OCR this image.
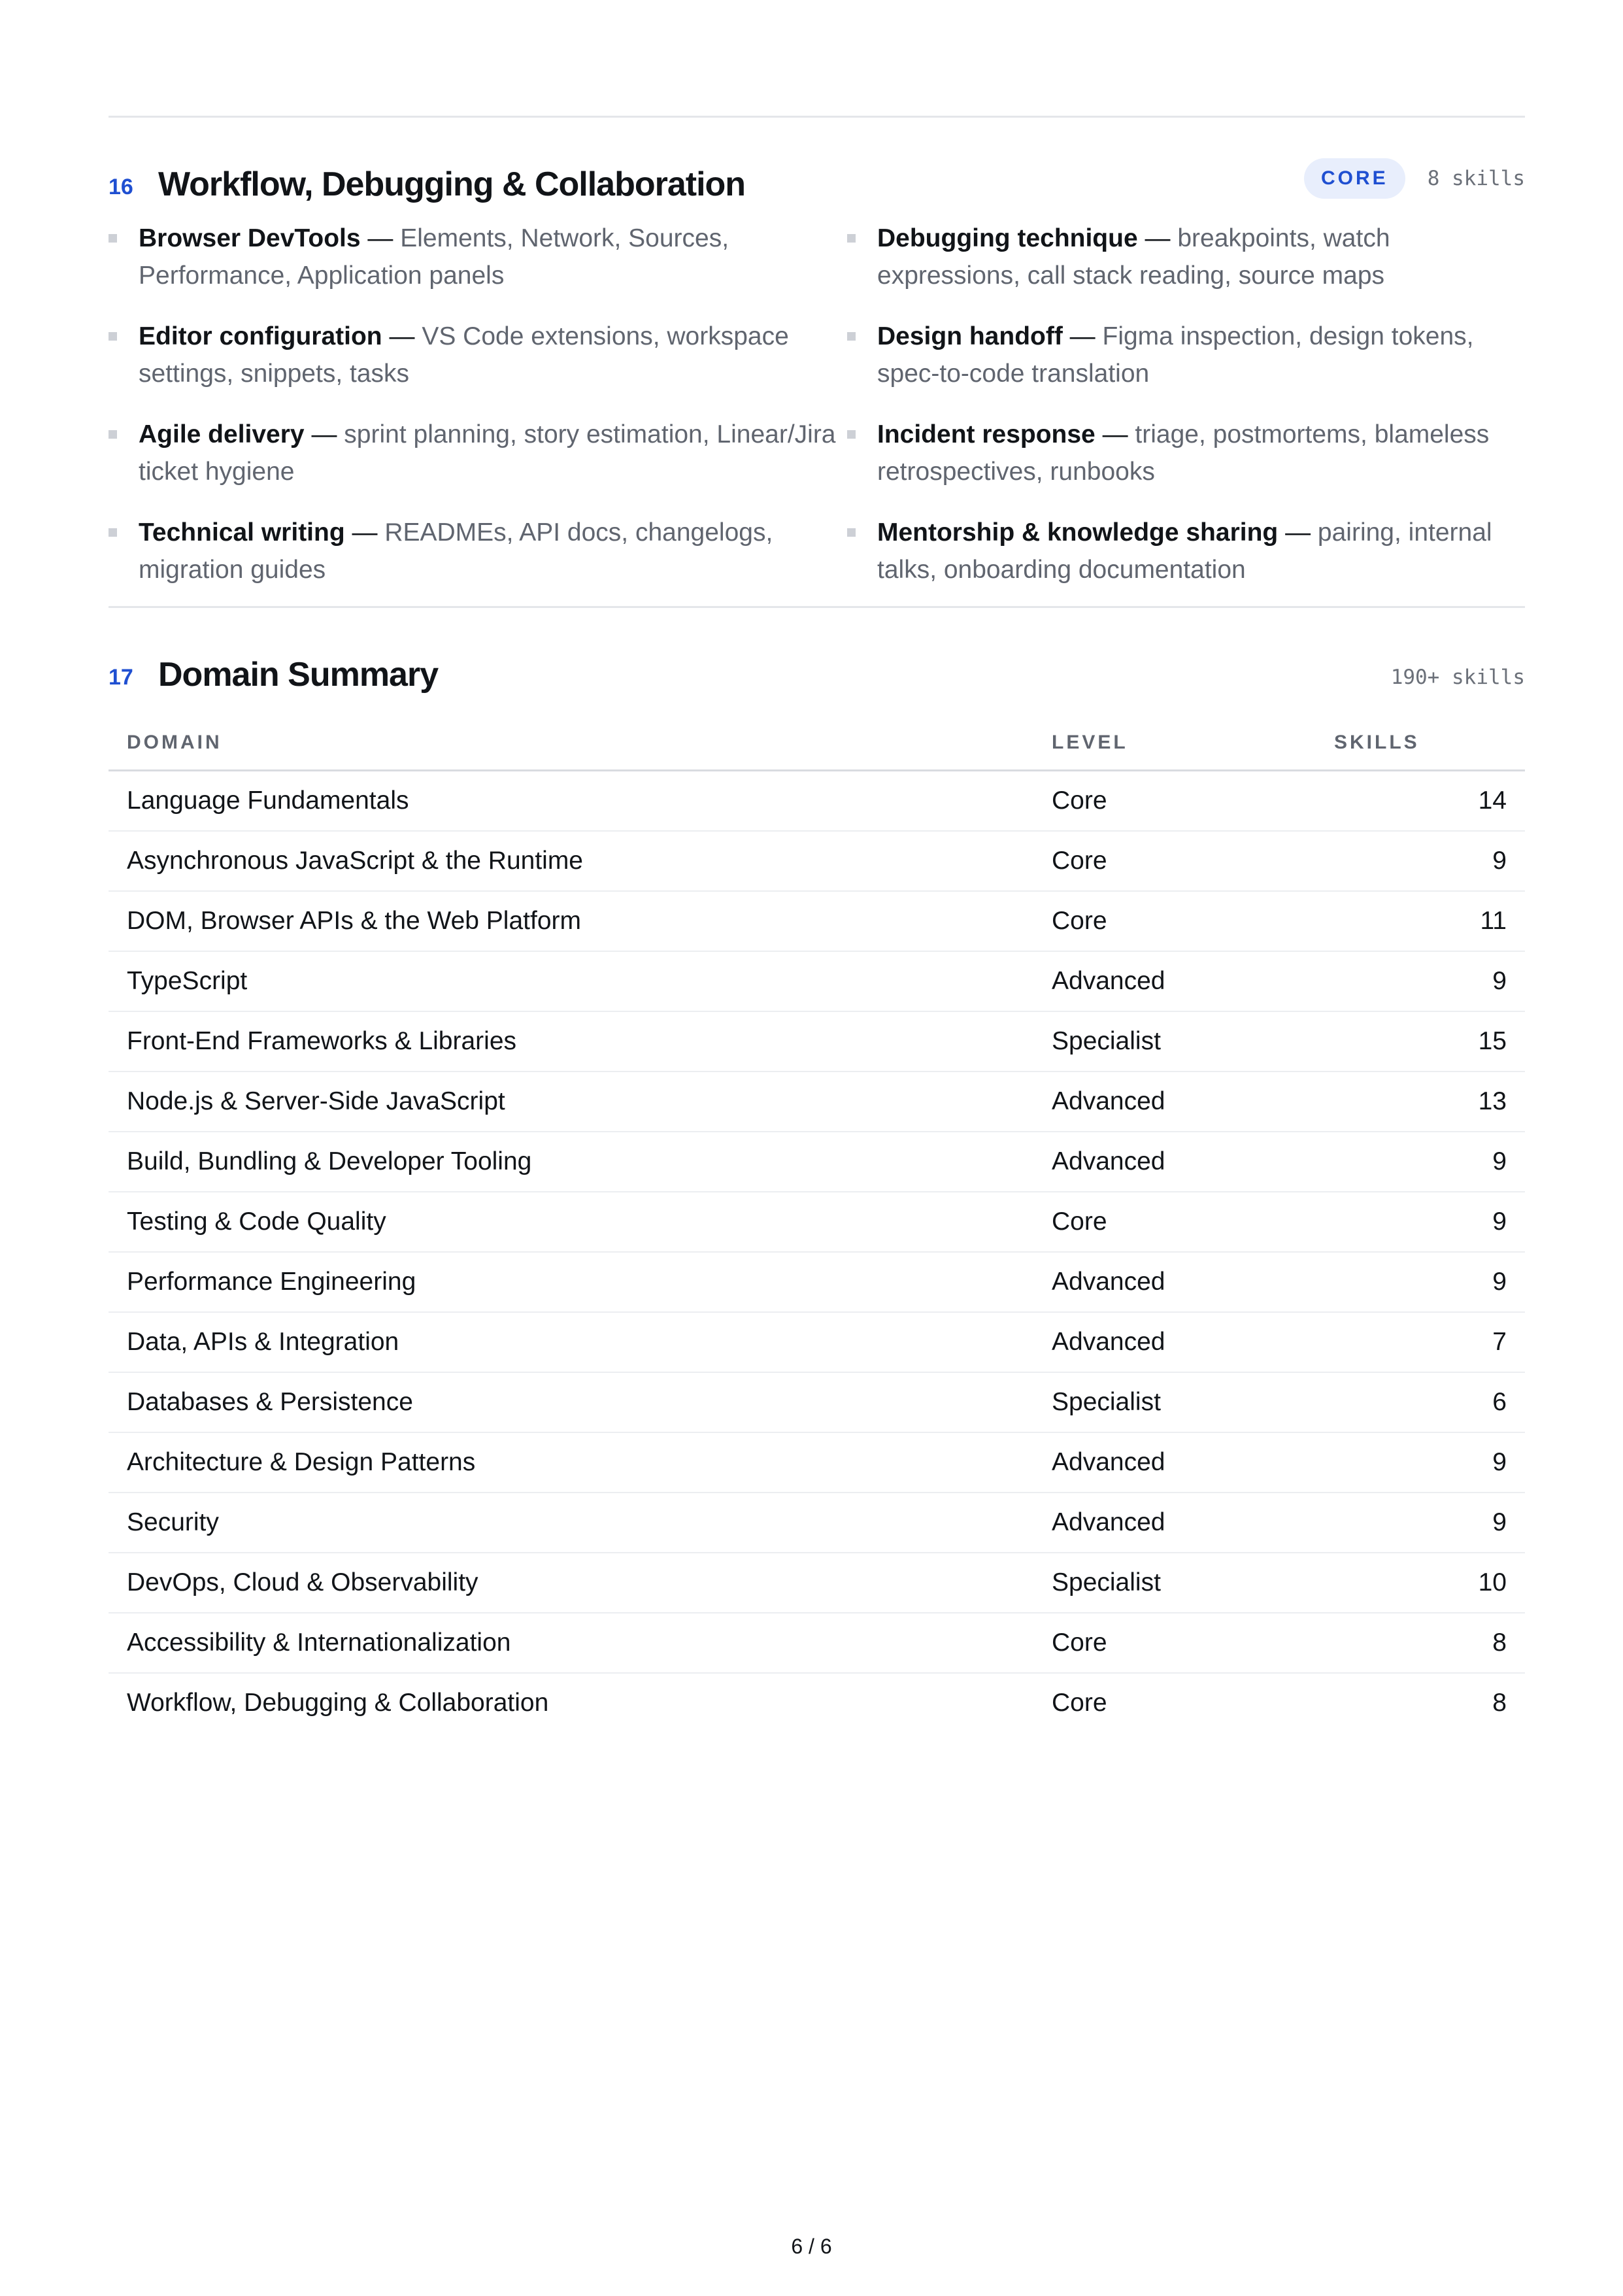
16 Workflow, Debugging & Collaboration	CORE	8 skills
Browser DevTools — Elements, Network, Sources, Performance, Application panels
Debugging technique — breakpoints, watch expressions, call stack reading, source maps
Editor configuration — VS Code extensions, workspace settings, snippets, tasks
Design handoff — Figma inspection, design tokens, spec-to-code translation
Agile delivery — sprint planning, story estimation, Linear/Jira ticket hygiene
Incident response — triage, postmortems, blameless retrospectives, runbooks
Technical writing — READMEs, API docs, changelogs, migration guides
Mentorship & knowledge sharing — pairing, internal talks, onboarding documentation
17 Domain Summary	190+ skills
DOMAIN	LEVEL	SKILLS
Language Fundamentals	Core	14
Asynchronous JavaScript & the Runtime	Core	9
DOM, Browser APIs & the Web Platform	Core	11
TypeScript	Advanced	9
Front-End Frameworks & Libraries	Specialist	15
Node.js & Server-Side JavaScript	Advanced	13
Build, Bundling & Developer Tooling	Advanced	9
Testing & Code Quality	Core	9
Performance Engineering	Advanced	9
Data, APIs & Integration	Advanced	7
Databases & Persistence	Specialist	6
Architecture & Design Patterns	Advanced	9
Security	Advanced	9
DevOps, Cloud & Observability	Specialist	10
Accessibility & Internationalization	Core	8
Workflow, Debugging & Collaboration	Core	8
6 / 6
